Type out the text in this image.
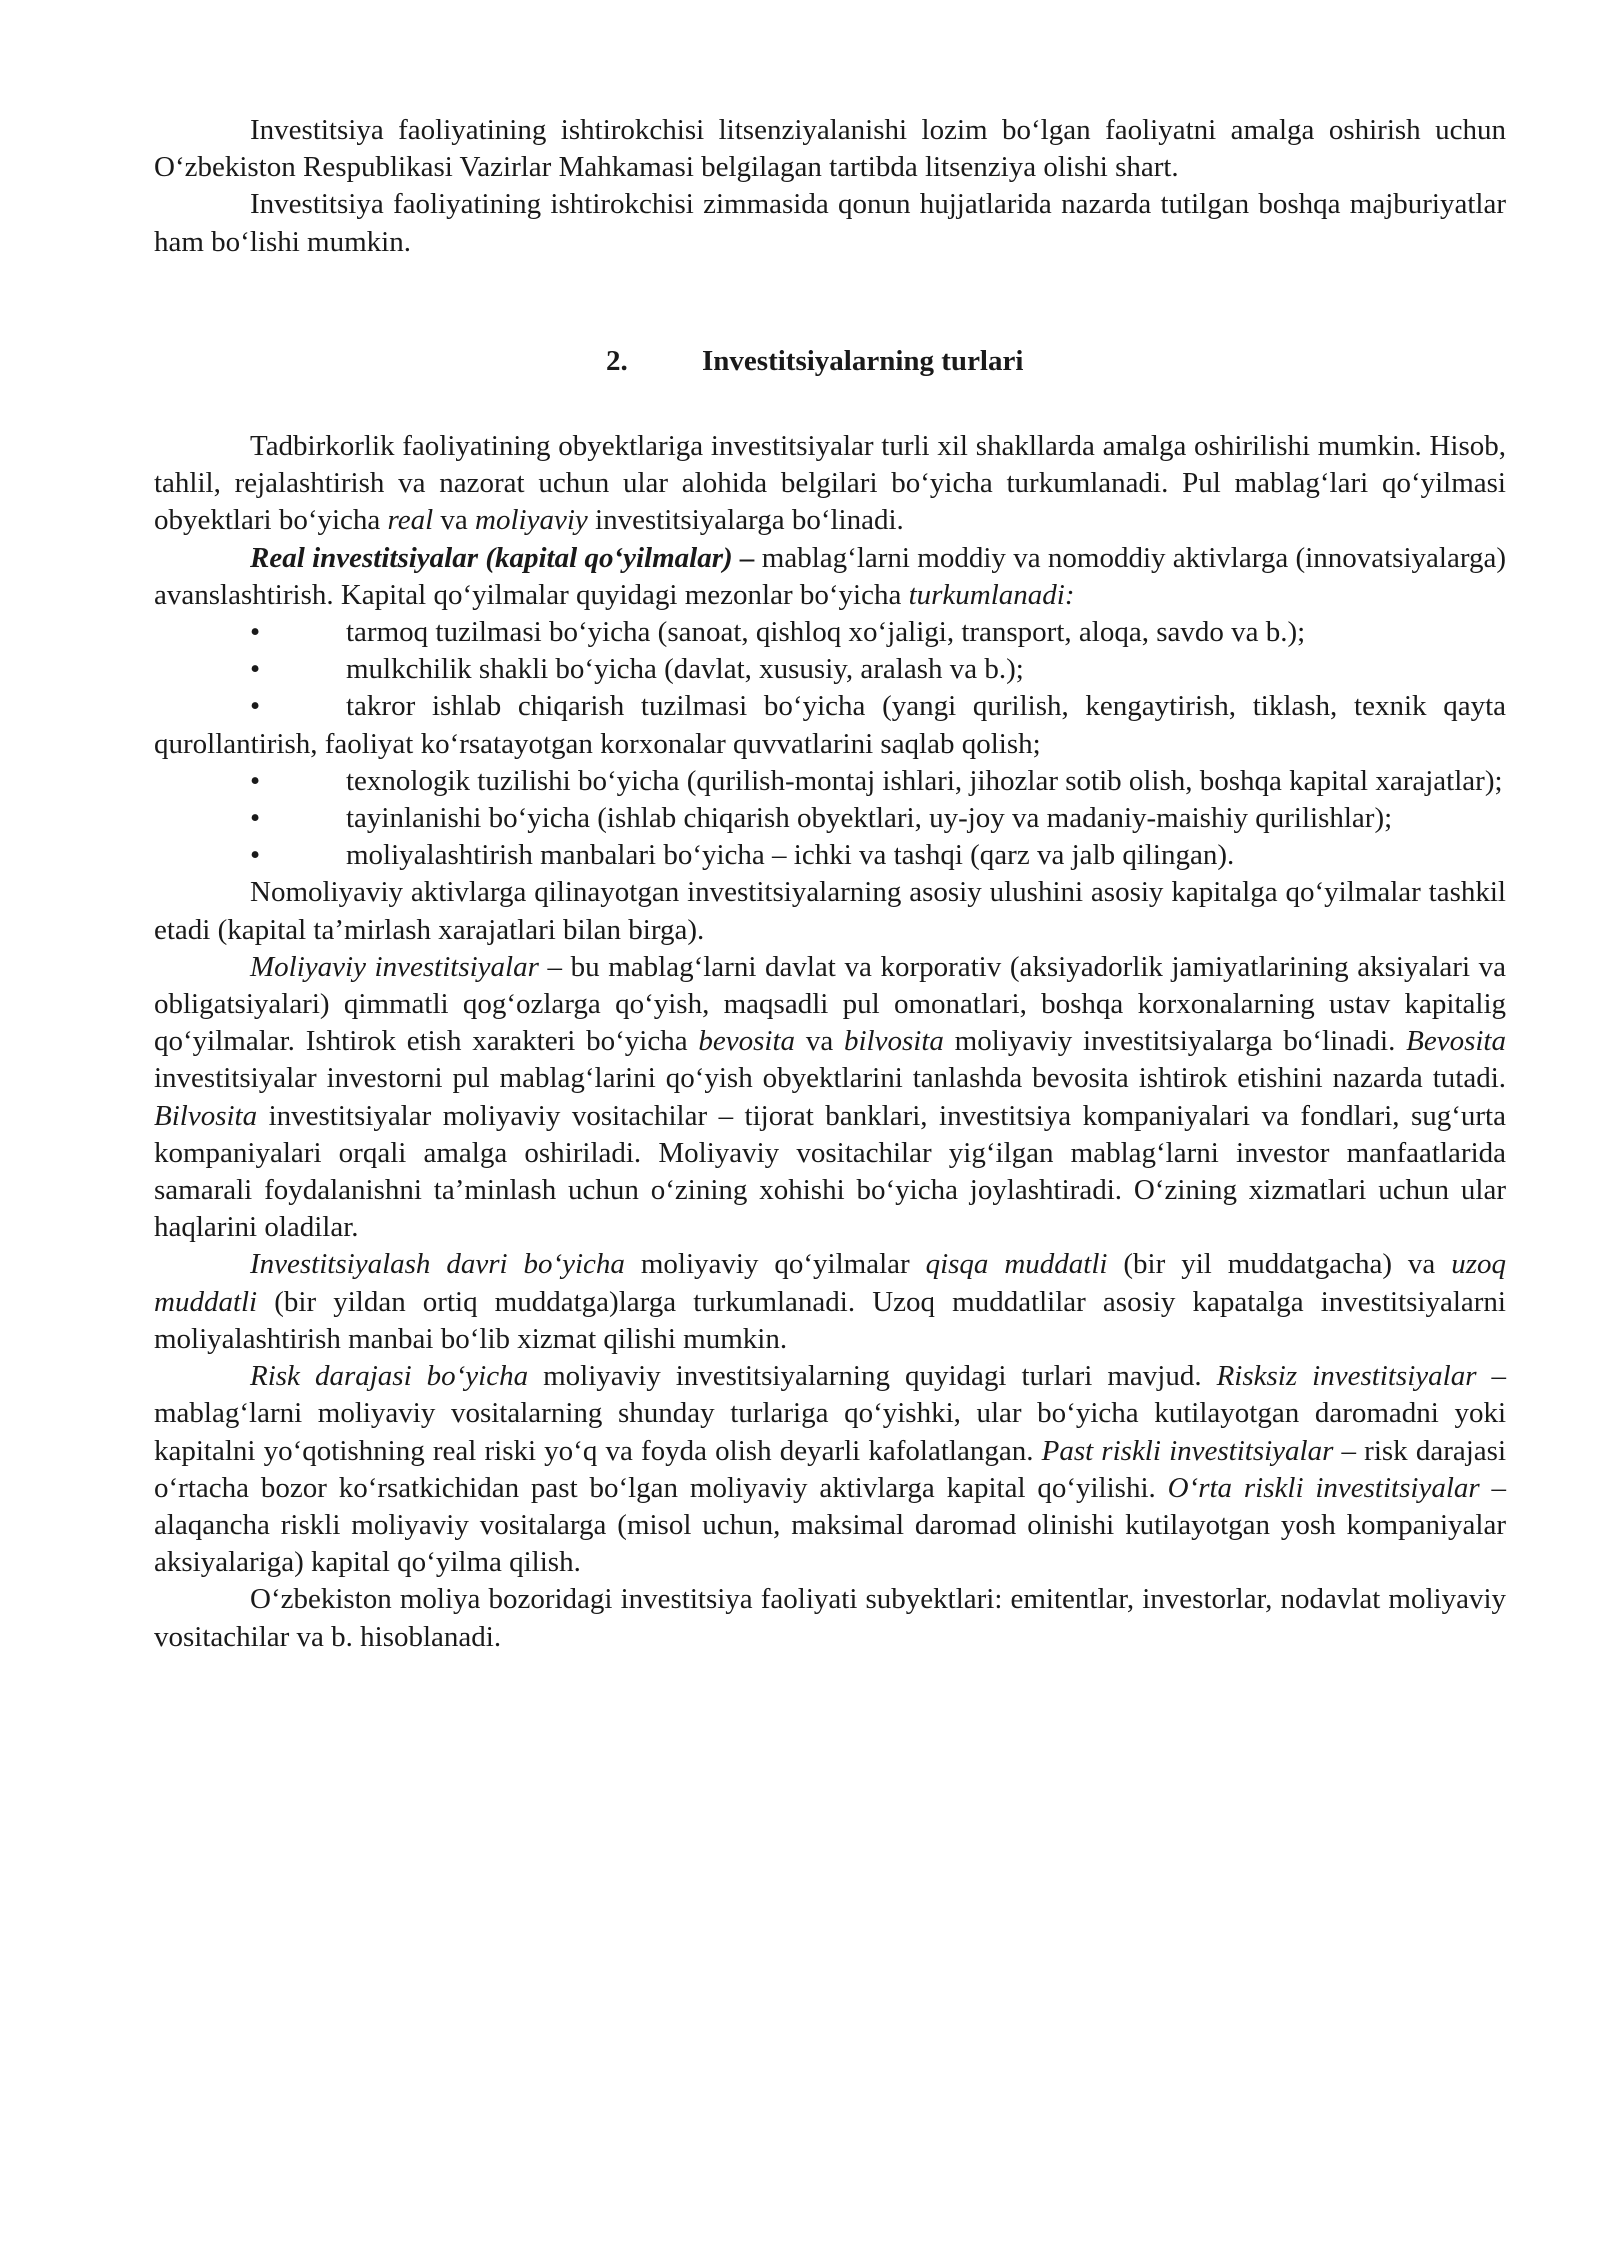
Investitsiya faoliyatining ishtirokchisi litsenziyalanishi lozim bo‘lgan faoliyatni amalga oshirish uchun O‘zbekiston Respublikasi Vazirlar Mahkamasi belgilagan tartibda litsenziya olishi shart.

Investitsiya faoliyatining ishtirokchisi zimmasida qonun hujjatlarida nazarda tutilgan boshqa majburiyatlar ham bo‘lishi mumkin.

2.	Investitsiyalarning turlari

Tadbirkorlik faoliyatining obyektlariga investitsiyalar turli xil shakllarda amalga oshirilishi mumkin. Hisob, tahlil, rejalashtirish va nazorat uchun ular alohida belgilari bo‘yicha turkumlanadi. Pul mablag‘lari qo‘yilmasi obyektlari bo‘yicha real va moliyaviy investitsiyalarga bo‘linadi.

Real investitsiyalar (kapital qo‘yilmalar) – mablag‘larni moddiy va nomoddiy aktivlarga (innovatsiyalarga) avanslashtirish. Kapital qo‘yilmalar quyidagi mezonlar bo‘yicha turkumlanadi:

•	tarmoq tuzilmasi bo‘yicha (sanoat, qishloq xo‘jaligi, transport, aloqa, savdo va b.);

•	mulkchilik shakli bo‘yicha (davlat, xususiy, aralash va b.);

•	takror ishlab chiqarish tuzilmasi bo‘yicha (yangi qurilish, kengaytirish, tiklash, texnik qayta qurollantirish, faoliyat ko‘rsatayotgan korxonalar quvvatlarini saqlab qolish;

•	texnologik tuzilishi bo‘yicha (qurilish-montaj ishlari, jihozlar sotib olish, boshqa kapital xarajatlar);

•	tayinlanishi bo‘yicha (ishlab chiqarish obyektlari, uy-joy va madaniy-maishiy qurilishlar);

•	moliyalashtirish manbalari bo‘yicha – ichki va tashqi (qarz va jalb qilingan).

Nomoliyaviy aktivlarga qilinayotgan investitsiyalarning asosiy ulushini asosiy kapitalga qo‘yilmalar tashkil etadi (kapital ta’mirlash xarajatlari bilan birga).

Moliyaviy investitsiyalar – bu mablag‘larni davlat va korporativ (aksiyadorlik jamiyatlarining aksiyalari va obligatsiyalari) qimmatli qog‘ozlarga qo‘yish, maqsadli pul omonatlari, boshqa korxonalarning ustav kapitalig qo‘yilmalar. Ishtirok etish xarakteri bo‘yicha bevosita va bilvosita moliyaviy investitsiyalarga bo‘linadi. Bevosita investitsiyalar investorni pul mablag‘larini qo‘yish obyektlarini tanlashda bevosita ishtirok etishini nazarda tutadi. Bilvosita investitsiyalar moliyaviy vositachilar – tijorat banklari, investitsiya kompaniyalari va fondlari, sug‘urta kompaniyalari orqali amalga oshiriladi. Moliyaviy vositachilar yig‘ilgan mablag‘larni investor manfaatlarida samarali foydalanishni ta’minlash uchun o‘zining xohishi bo‘yicha joylashtiradi. O‘zining xizmatlari uchun ular haqlarini oladilar.

Investitsiyalash davri bo‘yicha moliyaviy qo‘yilmalar qisqa muddatli (bir yil muddatgacha) va uzoq muddatli (bir yildan ortiq muddatga)larga turkumlanadi. Uzoq muddatlilar asosiy kapatalga investitsiyalarni moliyalashtirish manbai bo‘lib xizmat qilishi mumkin.

Risk darajasi bo‘yicha moliyaviy investitsiyalarning quyidagi turlari mavjud. Risksiz investitsiyalar – mablag‘larni moliyaviy vositalarning shunday turlariga qo‘yishki, ular bo‘yicha kutilayotgan daromadni yoki kapitalni yo‘qotishning real riski yo‘q va foyda olish deyarli kafolatlangan. Past riskli investitsiyalar – risk darajasi o‘rtacha bozor ko‘rsatkichidan past bo‘lgan moliyaviy aktivlarga kapital qo‘yilishi. O‘rta riskli investitsiyalar – alaqancha riskli moliyaviy vositalarga (misol uchun, maksimal daromad olinishi kutilayotgan yosh kompaniyalar aksiyalariga) kapital qo‘yilma qilish.

O‘zbekiston moliya bozoridagi investitsiya faoliyati subyektlari: emitentlar, investorlar, nodavlat moliyaviy vositachilar va b. hisoblanadi.
